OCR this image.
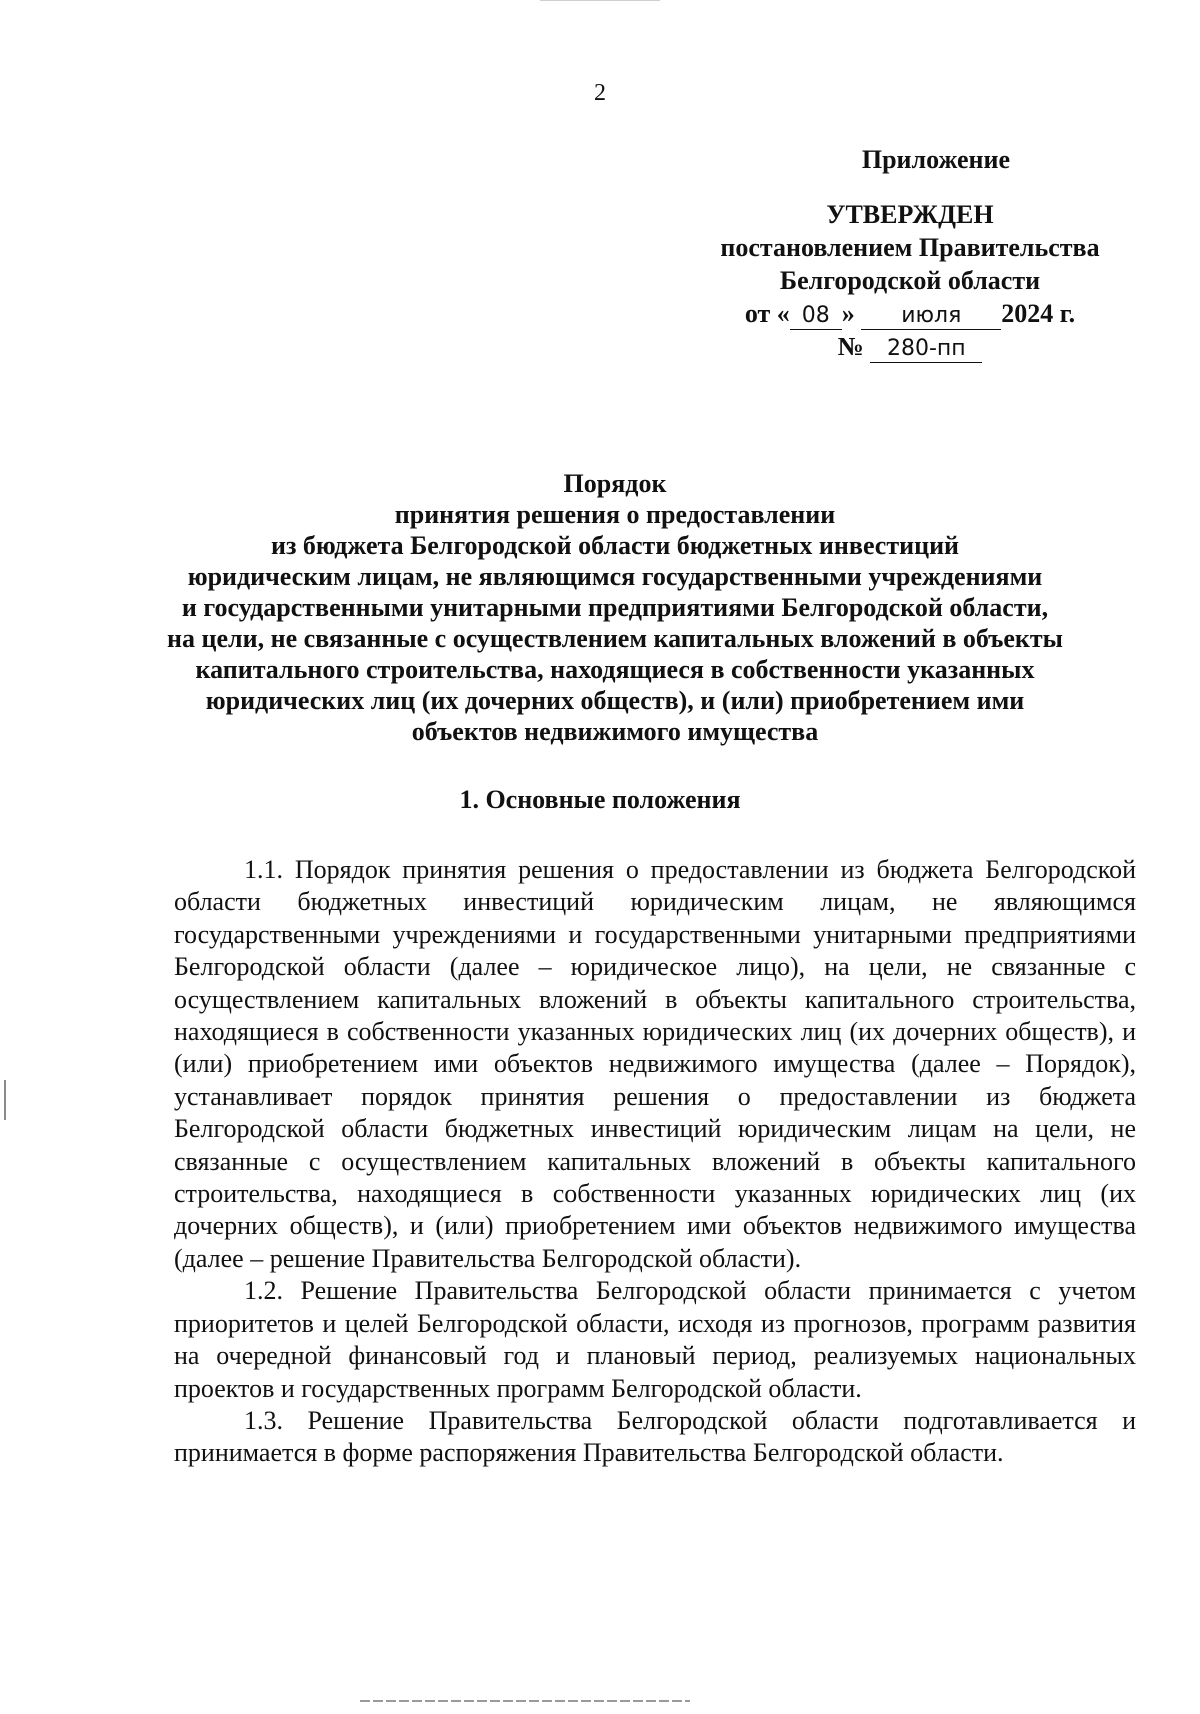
2
Приложение
УТВЕРЖДЕН
постановлением Правительства
Белгородской области
от « 08 » июля 2024 г.
№ 280-пп
Порядок
принятия решения о предоставлении
из бюджета Белгородской области бюджетных инвестиций
юридическим лицам, не являющимся государственными учреждениями
и государственными унитарными предприятиями Белгородской области,
на цели, не связанные с осуществлением капитальных вложений в объекты
капитального строительства, находящиеся в собственности указанных
юридических лиц (их дочерних обществ), и (или) приобретением ими
объектов недвижимого имущества
1. Основные положения

1.1. Порядок принятия решения о предоставлении из бюджета Белгородской области бюджетных инвестиций юридическим лицам, не являющимся государственными учреждениями и государственными унитарными предприятиями Белгородской области (далее – юридическое лицо), на цели, не связанные с осуществлением капитальных вложений в объекты капитального строительства, находящиеся в собственности указанных юридических лиц (их дочерних обществ), и (или) приобретением ими объектов недвижимого имущества (далее – Порядок), устанавливает порядок принятия решения о предоставлении из бюджета Белгородской области бюджетных инвестиций юридическим лицам на цели, не связанные с осуществлением капитальных вложений в объекты капитального строительства, находящиеся в собственности указанных юридических лиц (их дочерних обществ), и (или) приобретением ими объектов недвижимого имущества (далее – решение Правительства Белгородской области).

1.2. Решение Правительства Белгородской области принимается с учетом приоритетов и целей Белгородской области, исходя из прогнозов, программ развития на очередной финансовый год и плановый период, реализуемых национальных проектов и государственных программ Белгородской области.

1.3. Решение Правительства Белгородской области подготавливается и принимается в форме распоряжения Правительства Белгородской области.
